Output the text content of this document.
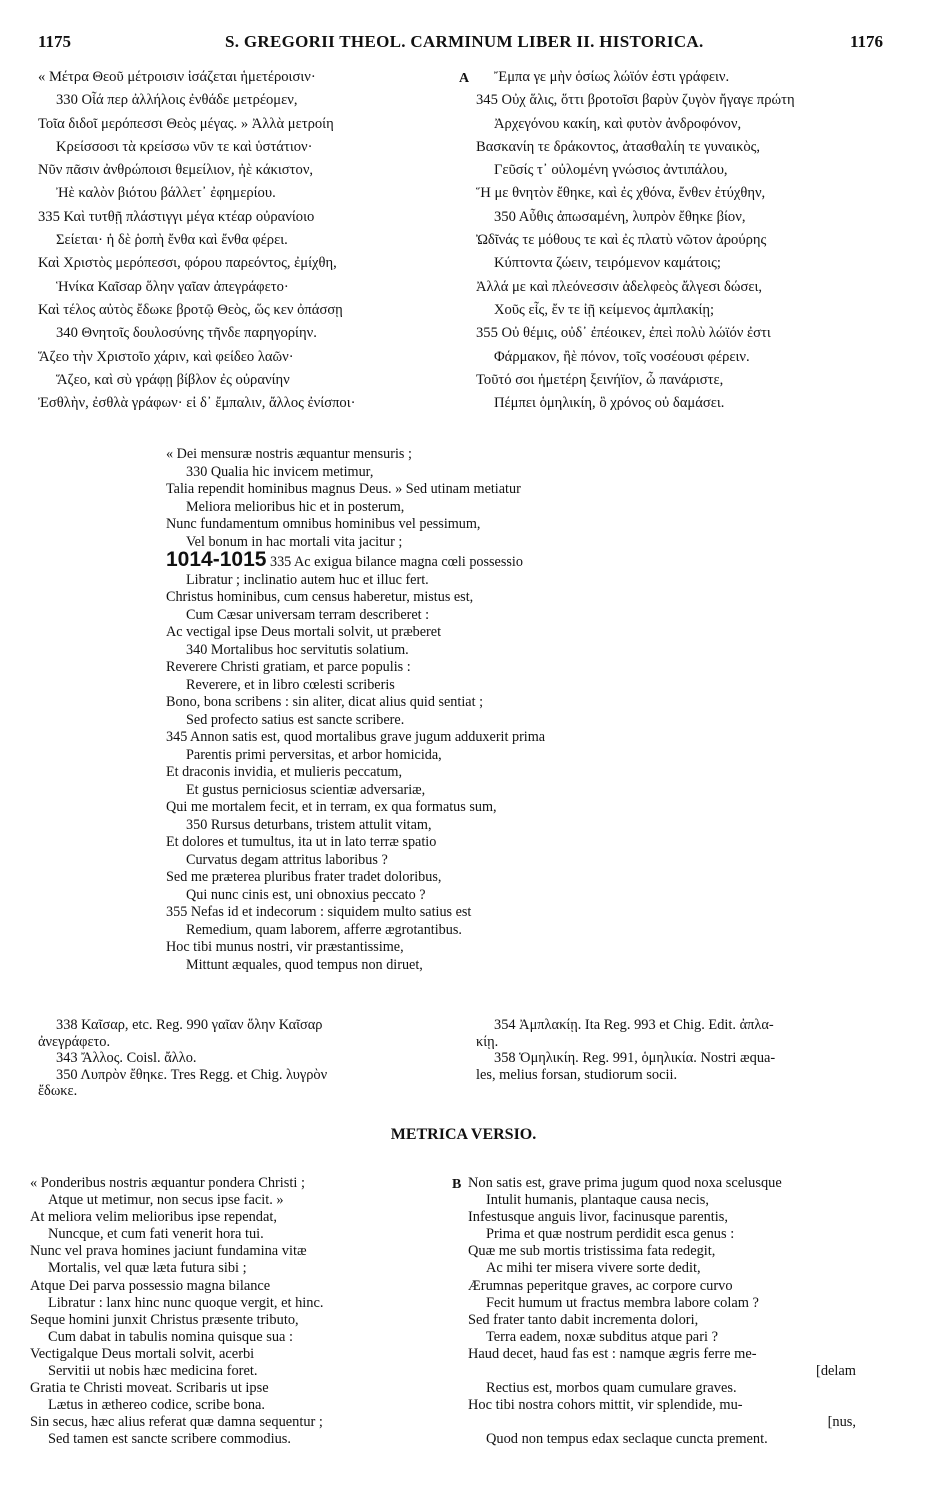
1175	S. GREGORII THEOL. CARMINUM LIBER II. HISTORICA.	1176
« Μέτρα Θεοῦ μέτροισιν ἰσάζεται ἡμετέροισιν·
330 Οἷά περ ἀλλήλοις ἐνθάδε μετρέομεν,
Τοῖα διδοῖ μερόπεσσι Θεὸς μέγας. » Ἀλλὰ μετροίη
Κρείσσοσι τὰ κρείσσω νῦν τε καὶ ὑστάτιον·
Νῦν πᾶσιν ἀνθρώποισι θεμείλιον, ἠὲ κάκιστον,
Ἠὲ καλὸν βιότου βάλλετ᾽ ἐφημερίου.
335 Καὶ τυτθῇ πλάστιγγι μέγα κτέαρ οὐρανίοιο
Σείεται· ἡ δὲ ῥοπὴ ἔνθα καὶ ἔνθα φέρει.
Καὶ Χριστὸς μερόπεσσι, φόρου παρεόντος, ἐμίχθη,
Ἡνίκα Καῖσαρ ὅλην γαῖαν ἀπεγράφετο·
Καὶ τέλος αὐτὸς ἔδωκε βροτῷ Θεὸς, ὥς κεν ὀπάσσῃ
340 Θνητοῖς δουλοσύνης τῆνδε παρηγορίην.
Ἅζεο τὴν Χριστοῖο χάριν, καὶ φείδεο λαῶν·
Ἅζεο, καὶ σὺ γράφῃ βίβλον ἐς οὐρανίην
Ἐσθλὴν, ἐσθλὰ γράφων· εἰ δ᾽ ἔμπαλιν, ἄλλος ἐνίσποι·
A	Ἔμπα γε μὴν ὁσίως λώϊόν ἐστι γράφειν.
345 Οὐχ ἅλις, ὅττι βροτοῖσι βαρὺν ζυγὸν ἤγαγε πρώτη
Ἀρχεγόνου κακίη, καὶ φυτὸν ἀνδροφόνον,
Βασκανίη τε δράκοντος, ἀτασθαλίη τε γυναικὸς,
Γεῦσίς τ᾽ οὐλομένη γνώσιος ἀντιπάλου,
Ἥ με θνητὸν ἔθηκε, καὶ ἐς χθόνα, ἔνθεν ἐτύχθην,
350 Αὖθις ἀπωσαμένη, λυπρὸν ἔθηκε βίον,
Ὠδῖνάς τε μόθους τε καὶ ἐς πλατὺ νῶτον ἀρούρης
Κύπτοντα ζώειν, τειρόμενον καμάτοις;
Ἀλλά με καὶ πλεόνεσσιν ἀδελφεὸς ἄλγεσι δώσει,
Χοῦς εἷς, ἔν τε ἰῇ κείμενος ἀμπλακίῃ;
355 Οὐ θέμις, οὐδ᾽ ἐπέοικεν, ἐπεὶ πολὺ λώϊόν ἐστι
Φάρμακον, ἢὲ πόνον, τοῖς νοσέουσι φέρειν.
Τοῦτό σοι ἡμετέρη ξεινήϊον, ὦ πανάριστε,
Πέμπει ὁμηλικίη, ὃ χρόνος οὐ δαμάσει.
« Dei mensuræ nostris æquantur mensuris ;
330 Qualia hic invicem metimur,
Talia rependit hominibus magnus Deus. » Sed utinam metiatur
Meliora melioribus hic et in posterum,
Nunc fundamentum omnibus hominibus vel pessimum,
Vel bonum in hac mortali vita jacitur ;
1014-1015 335 Ac exigua bilance magna cœli possessio
Libratur ; inclinatio autem huc et illuc fert.
Christus hominibus, cum census haberetur, mistus est,
Cum Cæsar universam terram describeret :
Ac vectigal ipse Deus mortali solvit, ut præberet
340 Mortalibus hoc servitutis solatium.
Reverere Christi gratiam, et parce populis :
Reverere, et in libro cœlesti scriberis
Bono, bona scribens : sin aliter, dicat alius quid sentiat ;
Sed profecto satius est sancte scribere.
345 Annon satis est, quod mortalibus grave jugum adduxerit prima
Parentis primi perversitas, et arbor homicida,
Et draconis invidia, et mulieris peccatum,
Et gustus perniciosus scientiæ adversariæ,
Qui me mortalem fecit, et in terram, ex qua formatus sum,
350 Rursus deturbans, tristem attulit vitam,
Et dolores et tumultus, ita ut in lato terræ spatio
Curvatus degam attritus laboribus ?
Sed me præterea pluribus frater tradet doloribus,
Qui nunc cinis est, uni obnoxius peccato ?
355 Nefas id et indecorum : siquidem multo satius est
Remedium, quam laborem, afferre ægrotantibus.
Hoc tibi munus nostri, vir præstantissime,
Mittunt æquales, quod tempus non diruet,
338 Καῖσαρ, etc. Reg. 990 γαῖαν ὅλην Καῖσαρ
ἀνεγράφετο.
343 Ἄλλος. Coisl. ἄλλο.
350 Λυπρὸν ἔθηκε. Tres Regg. et Chig. λυγρὸν
ἔδωκε.
354 Ἀμπλακίῃ. Ita Reg. 993 et Chig. Edit. ἀπλα-
κίῃ.
358 Ὁμηλικίη. Reg. 991, ὁμηλικία. Nostri æqua-
les, melius forsan, studiorum socii.
METRICA VERSIO.
« Ponderibus nostris æquantur pondera Christi ;
Atque ut metimur, non secus ipse facit. »
At meliora velim melioribus ipse rependat,
Nuncque, et cum fati venerit hora tui.
Nunc vel prava homines jaciunt fundamina vitæ
Mortalis, vel quæ læta futura sibi ;
Atque Dei parva possessio magna bilance
Libratur : lanx hinc nunc quoque vergit, et hinc.
Seque homini junxit Christus præsente tributo,
Cum dabat in tabulis nomina quisque sua :
Vectigalque Deus mortali solvit, acerbi
Servitii ut nobis hæc medicina foret.
Gratia te Christi moveat. Scribaris ut ipse
Lætus in æthereo codice, scribe bona.
Sin secus, hæc alius referat quæ damna sequentur ;
Sed tamen est sancte scribere commodius.
B Non satis est, grave prima jugum quod noxa scelusque
Intulit humanis, plantaque causa necis,
Infestusque anguis livor, facinusque parentis,
Prima et quæ nostrum perdidit esca genus :
Quæ me sub mortis tristissima fata redegit,
Ac mihi ter misera vivere sorte dedit,
Ærumnas peperitque graves, ac corpore curvo
Fecit humum ut fractus membra labore colam ?
Sed frater tanto dabit incrementa dolori,
Terra eadem, noxæ subditus atque pari ?
Haud decet, haud fas est : namque ægris ferre me-
[delam
Rectius est, morbos quam cumulare graves.
Hoc tibi nostra cohors mittit, vir splendide, mu-
[nus,
Quod non tempus edax seclaque cuncta prement.
